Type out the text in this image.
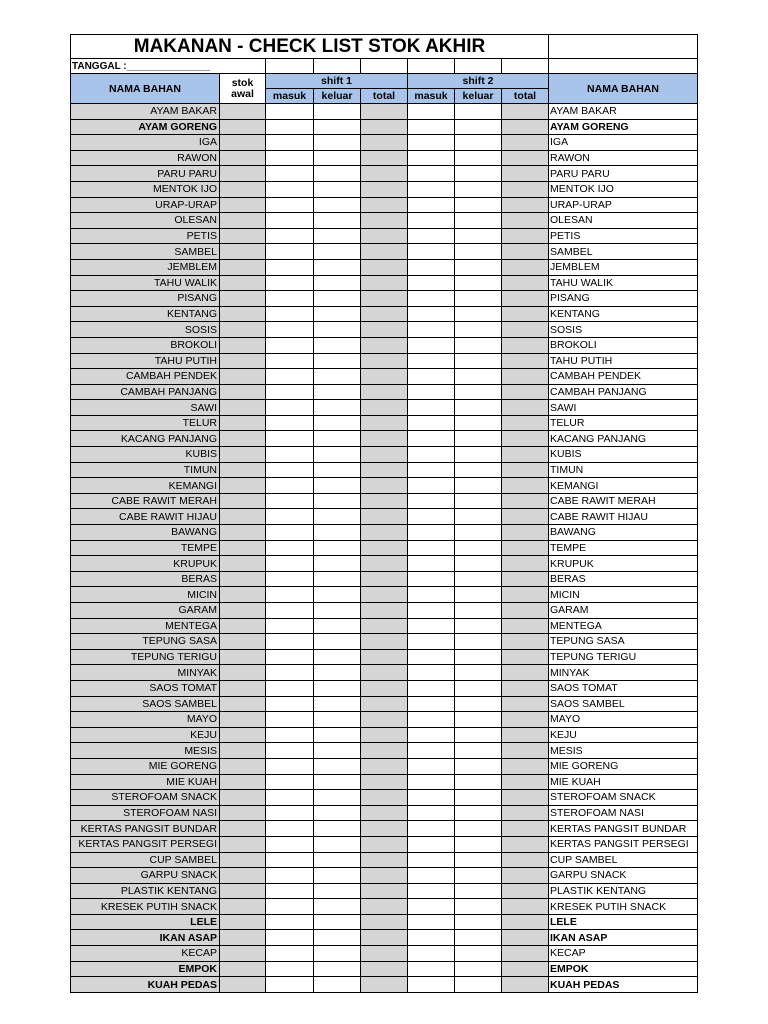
MAKANAN - CHECK LIST STOK AKHIR								
TANGGAL :_______________								
NAMA BAHAN	stok awal	shift 1			shift 2			NAMA BAHAN
		masuk	keluar	total	masuk	keluar	total	
AYAM BAKAR								AYAM BAKAR
AYAM GORENG								AYAM GORENG
IGA								IGA
RAWON								RAWON
PARU PARU								PARU PARU
MENTOK IJO								MENTOK IJO
URAP-URAP								URAP-URAP
OLESAN								OLESAN
PETIS								PETIS
SAMBEL								SAMBEL
JEMBLEM								JEMBLEM
TAHU WALIK								TAHU WALIK
PISANG								PISANG
KENTANG								KENTANG
SOSIS								SOSIS
BROKOLI								BROKOLI
TAHU PUTIH								TAHU PUTIH
CAMBAH PENDEK								CAMBAH PENDEK
CAMBAH PANJANG								CAMBAH PANJANG
SAWI								SAWI
TELUR								TELUR
KACANG PANJANG								KACANG PANJANG
KUBIS								KUBIS
TIMUN								TIMUN
KEMANGI								KEMANGI
CABE RAWIT MERAH								CABE RAWIT MERAH
CABE RAWIT HIJAU								CABE RAWIT HIJAU
BAWANG								BAWANG
TEMPE								TEMPE
KRUPUK								KRUPUK
BERAS								BERAS
MICIN								MICIN
GARAM								GARAM
MENTEGA								MENTEGA
TEPUNG SASA								TEPUNG SASA
TEPUNG TERIGU								TEPUNG TERIGU
MINYAK								MINYAK
SAOS TOMAT								SAOS TOMAT
SAOS SAMBEL								SAOS SAMBEL
MAYO								MAYO
KEJU								KEJU
MESIS								MESIS
MIE GORENG								MIE GORENG
MIE KUAH								MIE KUAH
STEROFOAM SNACK								STEROFOAM SNACK
STEROFOAM NASI								STEROFOAM NASI
KERTAS PANGSIT BUNDAR								KERTAS PANGSIT BUNDAR
KERTAS PANGSIT PERSEGI								KERTAS PANGSIT PERSEGI
CUP SAMBEL								CUP SAMBEL
GARPU SNACK								GARPU SNACK
PLASTIK KENTANG								PLASTIK KENTANG
KRESEK PUTIH SNACK								KRESEK PUTIH SNACK
LELE								LELE
IKAN ASAP								IKAN ASAP
KECAP								KECAP
EMPOK								EMPOK
KUAH PEDAS								KUAH PEDAS
